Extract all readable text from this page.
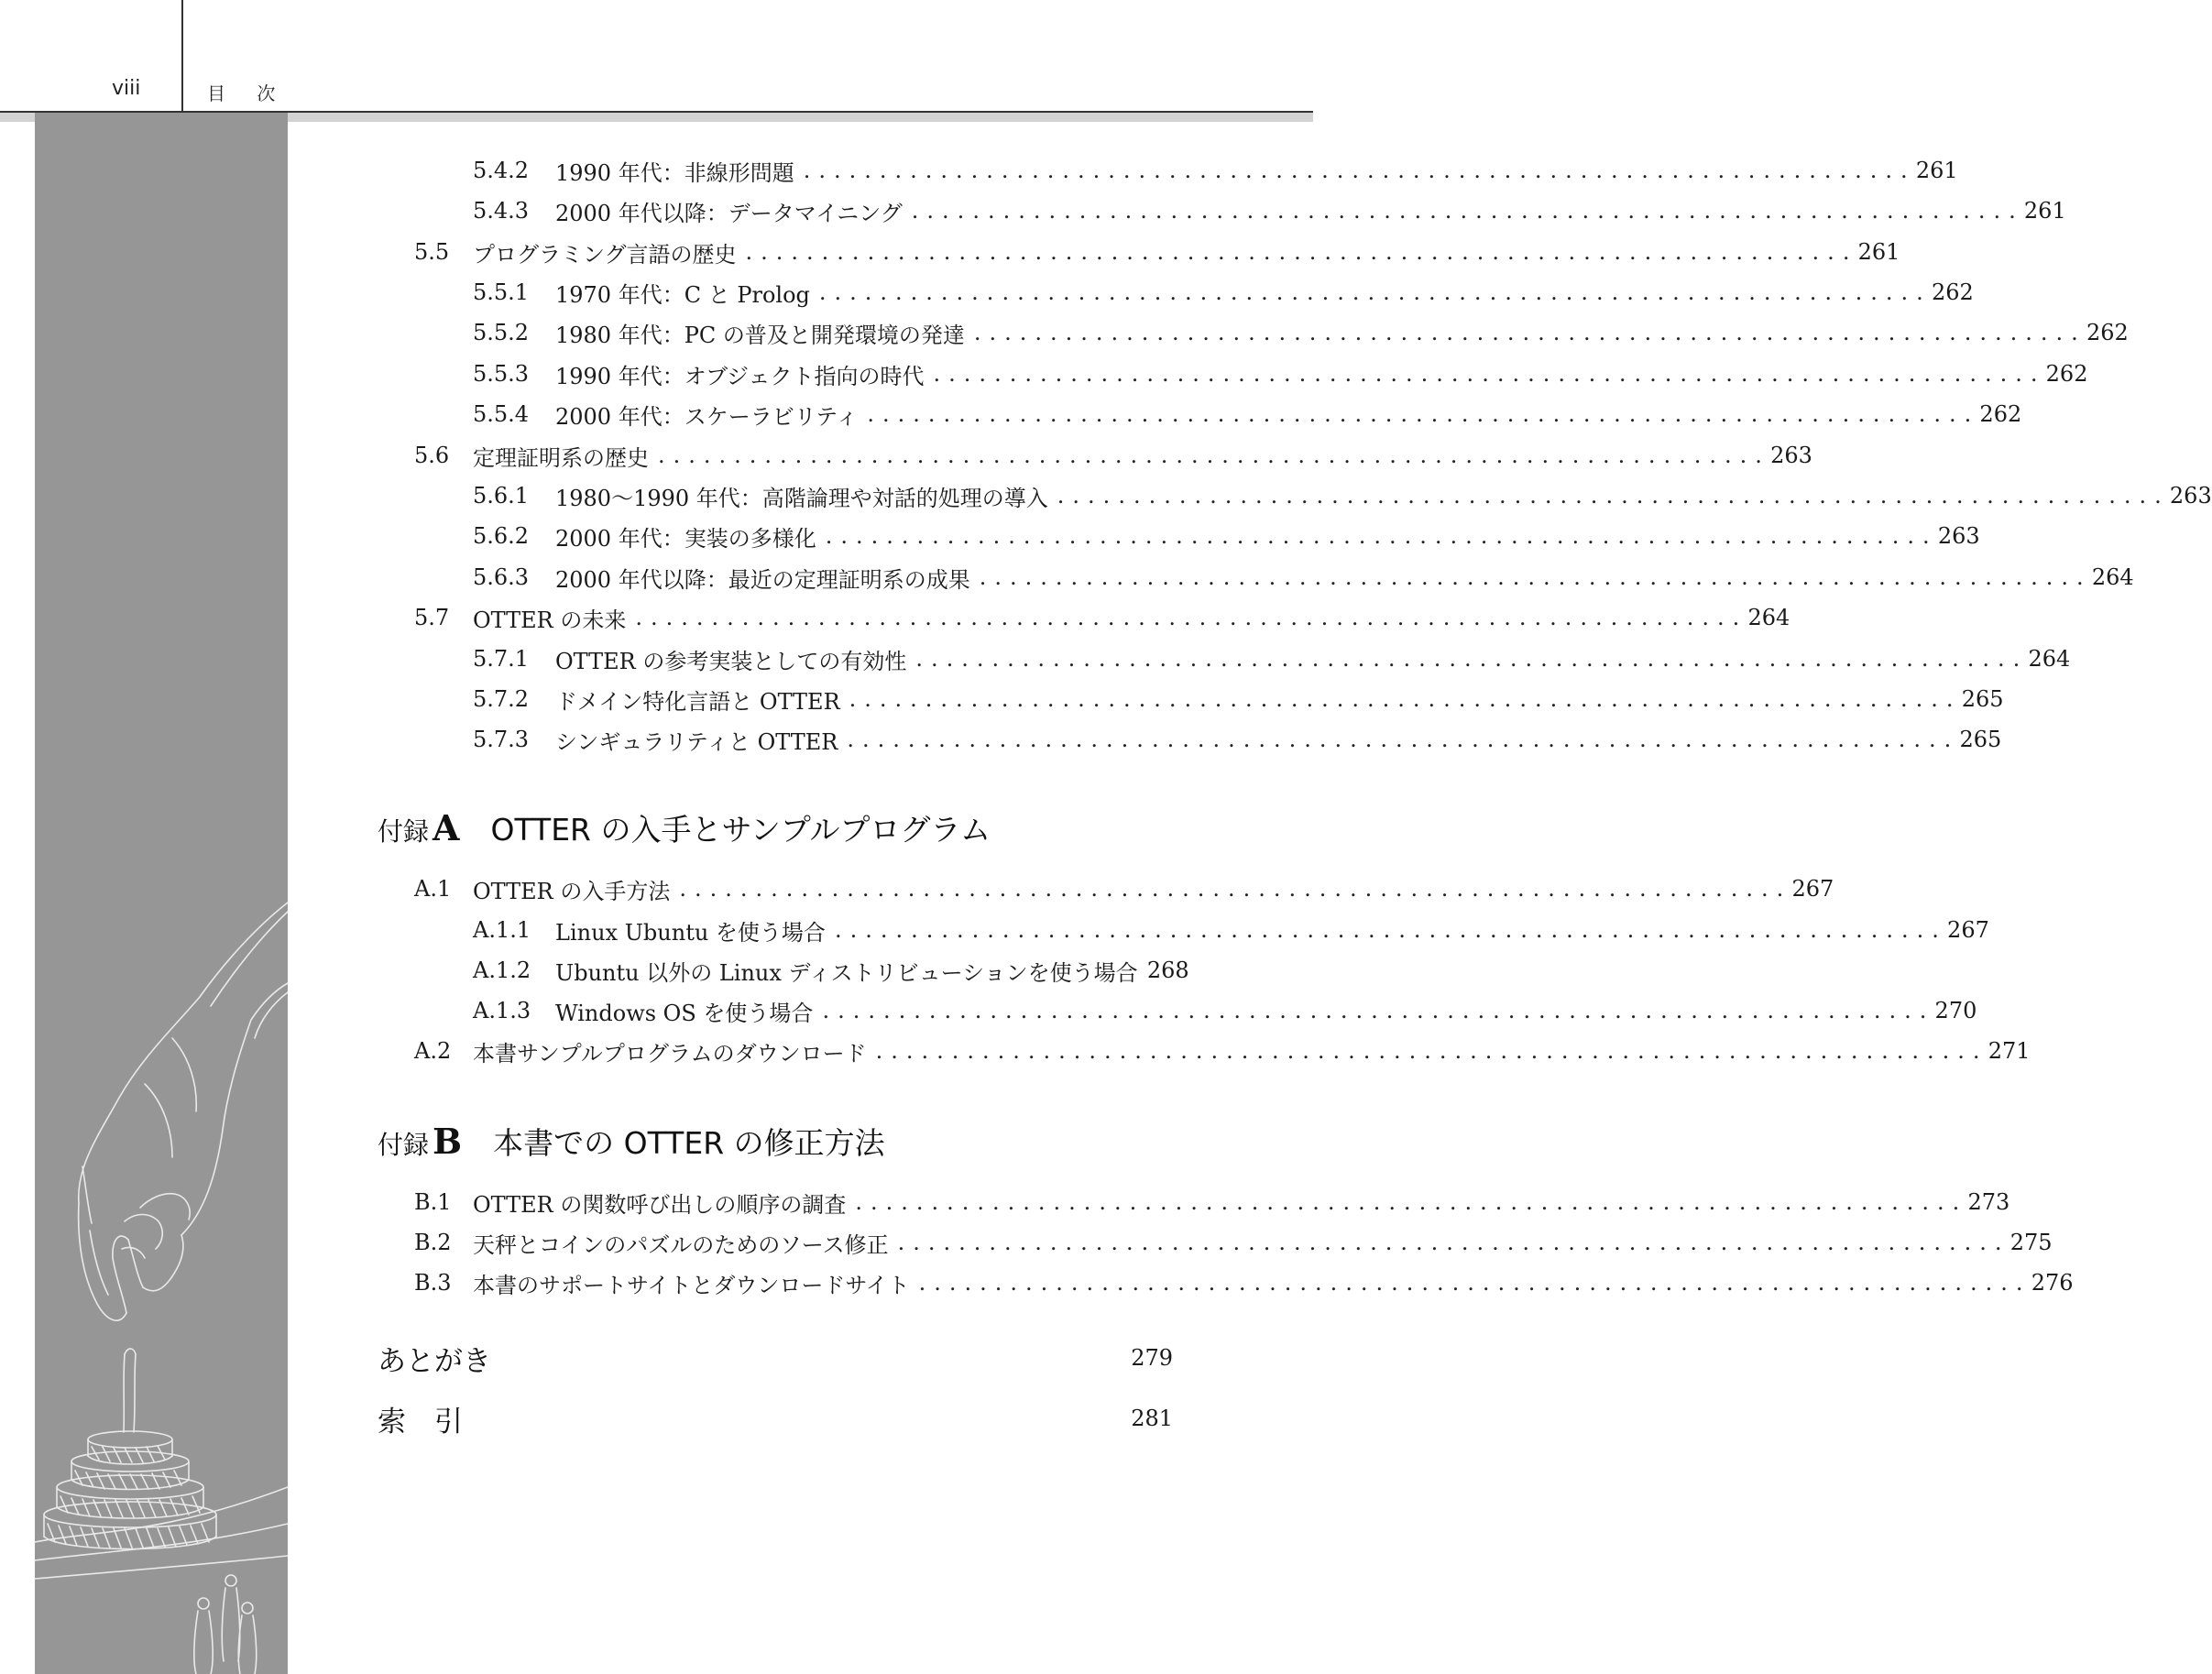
viii	目 次
5.4.2	1990 年代：非線形問題 ......................................................................... 261
5.4.3	2000 年代以降：データマイニング ......................................................................... 261
5.5	プログラミング言語の歴史 ......................................................................... 261
5.5.1	1970 年代：C と Prolog ......................................................................... 262
5.5.2	1980 年代：PC の普及と開発環境の発達 ......................................................................... 262
5.5.3	1990 年代：オブジェクト指向の時代 ......................................................................... 262
5.5.4	2000 年代：スケーラビリティ ......................................................................... 262
5.6	定理証明系の歴史 ......................................................................... 263
5.6.1	1980〜1990 年代：高階論理や対話的処理の導入 ......................................................................... 263
5.6.2	2000 年代：実装の多様化 ......................................................................... 263
5.6.3	2000 年代以降：最近の定理証明系の成果 ......................................................................... 264
5.7	OTTER の未来 ......................................................................... 264
5.7.1	OTTER の参考実装としての有効性 ......................................................................... 264
5.7.2	ドメイン特化言語と OTTER ......................................................................... 265
5.7.3	シンギュラリティと OTTER ......................................................................... 265
付録 A OTTER の入手とサンプルプログラム
A.1 OTTER の入手方法 ......................................................................... 267
A.1.1	Linux Ubuntu を使う場合 ......................................................................... 267
A.1.2	Ubuntu 以外の Linux ディストリビューションを使う場合 268
A.1.3	Windows OS を使う場合 ......................................................................... 270
A.2 本書サンプルプログラムのダウンロード ......................................................................... 271
付録 B 本書での OTTER の修正方法
B.1 OTTER の関数呼び出しの順序の調査 ......................................................................... 273
B.2 天秤とコインのパズルのためのソース修正 ......................................................................... 275
B.3 本書のサポートサイトとダウンロードサイト ......................................................................... 276
あとがき	279
索　引	281
